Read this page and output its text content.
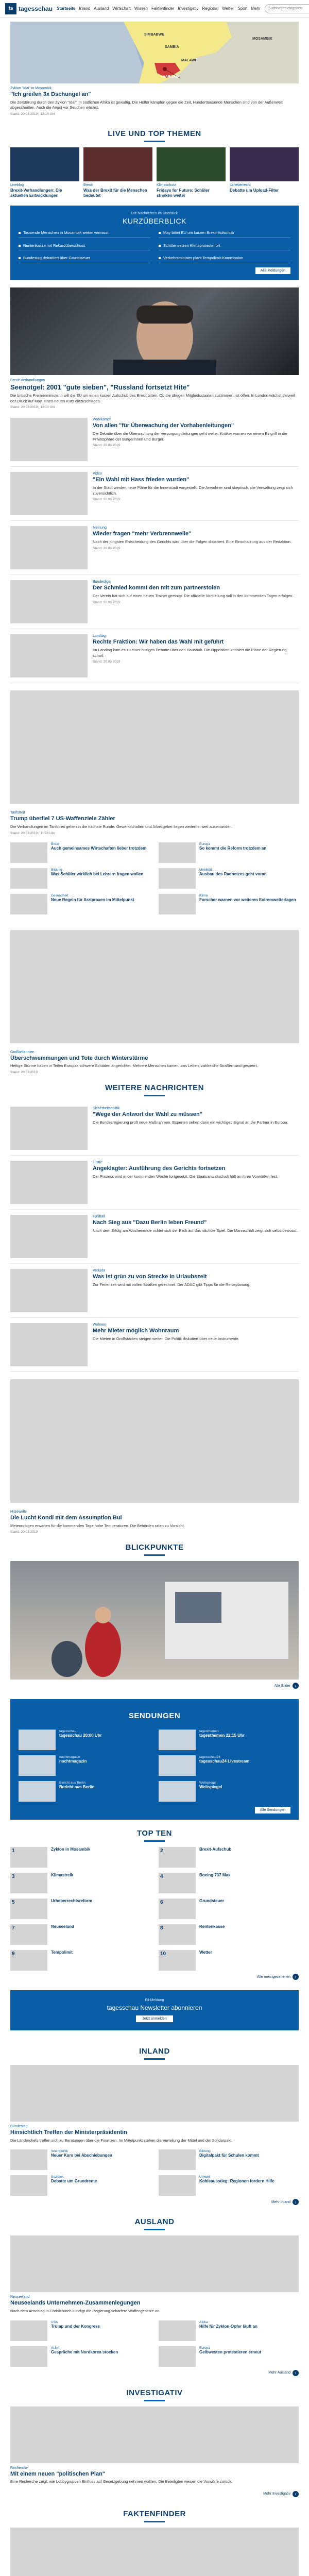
ts tagesschau Startseite Inland Ausland Wirtschaft Wissen Faktenfinder Investigativ Regional Wetter Sport Mehr
Suchbegriff eingeben
SIMBABWE
SAMBIA
MALAWI
MOSAMBIK
HARARE
Zyklon "Idai" in Mosambik
"Ich greifen 3x Dschungel an"

Die Zerstörung durch den Zyklon "Idai" im südlichen Afrika ist gewaltig. Die Helfer kämpfen gegen die Zeit, Hunderttausende Menschen sind von der Außenwelt abgeschnitten. Auch die Angst vor Seuchen wächst.

Stand: 20.03.2019 | 12:16 Uhr

LIVE UND TOP THEMEN
Liveblog
Brexit-Verhandlungen: Die aktuellen Entwicklungen
Brexit
Was der Brexit für die Menschen bedeutet
Klimaschutz
Fridays for Future: Schüler streiken weiter
Urheberrecht
Debatte um Upload-Filter
Die Nachrichten im Überblick
KURZÜBERBLICK
Tausende Menschen in Mosambik weiter vermisst	May bittet EU um kurzen Brexit-Aufschub
Rentenkasse mit Rekordüberschuss	Schüler setzen Klimaproteste fort
Bundestag debattiert über Grundsteuer	Verkehrsminister plant Tempolimit-Kommission
Alle Meldungen
Brexit-Verhandlungen
Seenotgel: 2001 "gute sieben", "Russland fortsetzt Hite"

Die britische Premierministerin will die EU um einen kurzen Aufschub des Brexit bitten. Ob die übrigen Mitgliedsstaaten zustimmen, ist offen. In London wächst derweil der Druck auf May, einen neuen Kurs einzuschlagen.

Stand: 20.03.2019 | 12:10 Uhr

Wahlkampf
Von allen "für Überwachung der Vorhabenleitungen"

Die Debatte über die Überwachung der Versorgungsleitungen geht weiter. Kritiker warnen vor einem Eingriff in die Privatsphäre der Bürgerinnen und Bürger.

Stand: 20.03.2019

Video
"Ein Wahl mit Hass frieden wurden"

In der Stadt werden neue Pläne für die Innenstadt vorgestellt. Die Anwohner sind skeptisch, die Verwaltung zeigt sich zuversichtlich.

Stand: 20.03.2019

Meinung
Wieder fragen "mehr Verbrennwelle"

Nach der jüngsten Entscheidung des Gerichts wird über die Folgen diskutiert. Eine Einschätzung aus der Redaktion.

Stand: 20.03.2019

Bundesliga
Der Schmied kommt den mit zum partnerstolen

Der Verein hat sich auf einen neuen Trainer geeinigt. Die offizielle Vorstellung soll in den kommenden Tagen erfolgen.

Stand: 20.03.2019

Landtag
Rechte Fraktion: Wir haben das Wahl mit geführt

Im Landtag kam es zu einer hitzigen Debatte über den Haushalt. Die Opposition kritisiert die Pläne der Regierung scharf.

Stand: 20.03.2019

Tarifstreit
Trump überfiel 7 US-Waffenziele Zähler

Die Verhandlungen im Tarifstreit gehen in die nächste Runde. Gewerkschaften und Arbeitgeber liegen weiterhin weit auseinander.

Stand: 20.03.2019 | 11:58 Uhr

Brexit
Auch gemeinsames Wirtschaften lieber trotzdem
Europa
So kommt die Reform trotzdem an
Bildung
Was Schüler wirklich bei Lehrern fragen wollen
Mobilität
Ausbau des Radnetzes geht voran
Gesundheit
Neue Regeln für Arztpraxen im Mittelpunkt
Klima
Forscher warnen vor weiteren Extremwetterlagen
Großbritannien
Überschwemmungen und Tote durch Winterstürme

Heftige Stürme haben in Teilen Europas schwere Schäden angerichtet. Mehrere Menschen kamen ums Leben, zahlreiche Straßen sind gesperrt.

Stand: 20.03.2019

WEITERE NACHRICHTEN
Sicherheitspolitik
"Wege der Antwort der Wahl zu müssen"

Die Bundesregierung prüft neue Maßnahmen. Experten sehen darin ein wichtiges Signal an die Partner in Europa.

Justiz
Angeklagter: Ausführung des Gerichts fortsetzen

Der Prozess wird in der kommenden Woche fortgesetzt. Die Staatsanwaltschaft hält an ihren Vorwürfen fest.

Fußball
Nach Sieg aus "Dazu Berlin leben Freund"

Nach dem Erfolg am Wochenende richtet sich der Blick auf das nächste Spiel. Die Mannschaft zeigt sich selbstbewusst.

Verkehr
Was ist grün zu von Strecke in Urlaubszeit

Zur Ferienzeit wird mit vollen Straßen gerechnet. Der ADAC gibt Tipps für die Reiseplanung.

Wohnen
Mehr Mieter möglich Wohnraum

Die Mieten in Großstädten steigen weiter. Die Politik diskutiert über neue Instrumente.

Hitzewelle
Die Lucht Kondi mit dem Assumption Bul

Meteorologen erwarten für die kommenden Tage hohe Temperaturen. Die Behörden raten zu Vorsicht.

Stand: 20.03.2019

BLICKPUNKTE
Alle Bilder	›
SENDUNGEN
tagesschau
tagesschau 20:00 Uhr
tagesthemen
tagesthemen 22:15 Uhr
nachtmagazin
nachtmagazin
tagesschau24
tagesschau24 Livestream
Bericht aus Berlin
Bericht aus Berlin
Weltspiegel
Weltspiegel
Alle Sendungen
TOP TEN
1	Zyklon in Mosambik	2	Brexit-Aufschub
3	Klimastreik	4	Boeing 737 Max
5	Urheberrechtsreform	6	Grundsteuer
7	Neuseeland	8	Rentenkasse
9	Tempolimit	10	Wetter
Alle meistgesehenen	›
Eil-Meldung
tagesschau Newsletter abonnieren
Jetzt anmelden
INLAND
Bundestag
Hinsichtlich Treffen der Ministerpräsidentin

Die Länderchefs treffen sich zu Beratungen über die Finanzen. Im Mittelpunkt stehen die Verteilung der Mittel und der Solidarpakt.

Innenpolitik
Neuer Kurs bei Abschiebungen
Bildung
Digitalpakt für Schulen kommt
Soziales
Debatte um Grundrente
Umwelt
Kohleausstieg: Regionen fordern Hilfe
Mehr Inland	›
AUSLAND
Neuseeland
Neuseelands Unternehmen-Zusammenlegungen

Nach dem Anschlag in Christchurch kündigt die Regierung schärfere Waffengesetze an.

USA
Trump und der Kongress
Afrika
Hilfe für Zyklon-Opfer läuft an
Asien
Gespräche mit Nordkorea stocken
Europa
Gelbwesten protestieren erneut
Mehr Ausland	›
INVESTIGATIV
Recherche
Mit einem neuen "politischen Plan"

Eine Recherche zeigt, wie Lobbygruppen Einfluss auf Gesetzgebung nehmen wollten. Die Beteiligten weisen die Vorwürfe zurück.

Mehr Investigativ	›
FAKTENFINDER
